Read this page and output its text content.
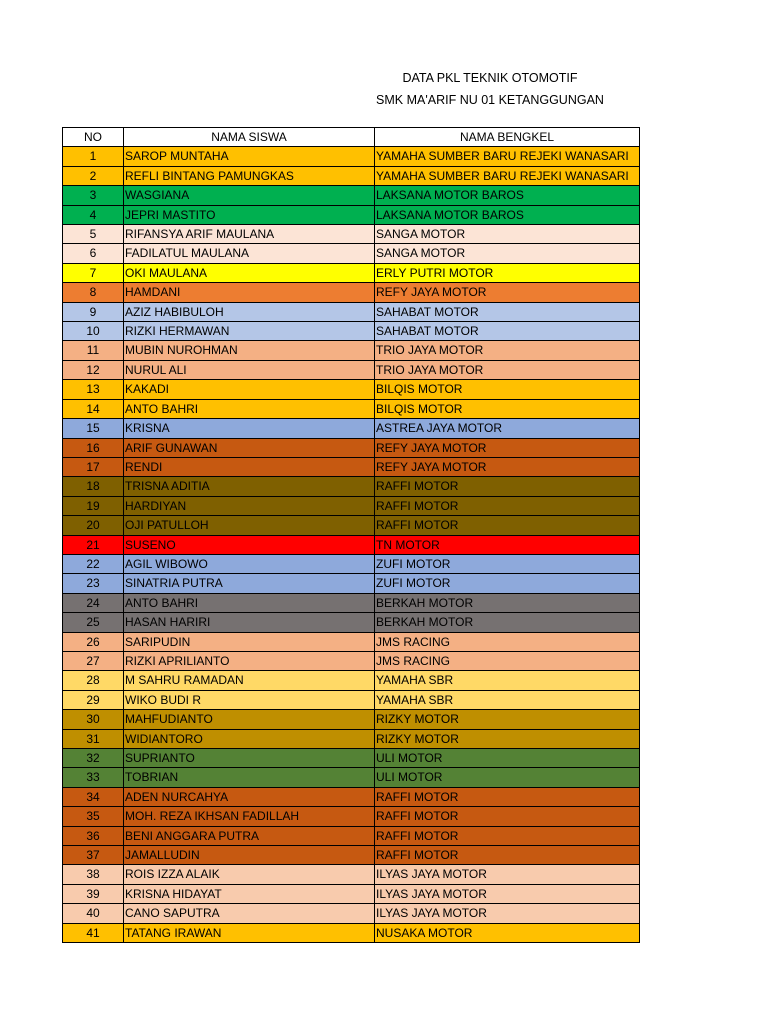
DATA PKL TEKNIK OTOMOTIF
SMK MA'ARIF NU 01 KETANGGUNGAN
NO	NAMA SISWA	NAMA BENGKEL
1	SAROP MUNTAHA	YAMAHA SUMBER BARU REJEKI WANASARI
2	REFLI BINTANG PAMUNGKAS	YAMAHA SUMBER BARU REJEKI WANASARI
3	WASGIANA	LAKSANA MOTOR BAROS
4	JEPRI MASTITO	LAKSANA MOTOR BAROS
5	RIFANSYA ARIF MAULANA	SANGA MOTOR
6	FADILATUL MAULANA	SANGA MOTOR
7	OKI MAULANA	ERLY PUTRI MOTOR
8	HAMDANI	REFY JAYA MOTOR
9	AZIZ HABIBULOH	SAHABAT MOTOR
10	RIZKI HERMAWAN	SAHABAT MOTOR
11	MUBIN NUROHMAN	TRIO JAYA MOTOR
12	NURUL ALI	TRIO JAYA MOTOR
13	KAKADI	BILQIS MOTOR
14	ANTO BAHRI	BILQIS MOTOR
15	KRISNA	ASTREA JAYA MOTOR
16	ARIF GUNAWAN	REFY JAYA MOTOR
17	RENDI	REFY JAYA MOTOR
18	TRISNA ADITIA	RAFFI MOTOR
19	HARDIYAN	RAFFI MOTOR
20	OJI PATULLOH	RAFFI MOTOR
21	SUSENO	TN MOTOR
22	AGIL WIBOWO	ZUFI MOTOR
23	SINATRIA PUTRA	ZUFI MOTOR
24	ANTO BAHRI	BERKAH MOTOR
25	HASAN HARIRI	BERKAH MOTOR
26	SARIPUDIN	JMS RACING
27	RIZKI APRILIANTO	JMS RACING
28	M SAHRU RAMADAN	YAMAHA SBR
29	WIKO BUDI R	YAMAHA SBR
30	MAHFUDIANTO	RIZKY MOTOR
31	WIDIANTORO	RIZKY MOTOR
32	SUPRIANTO	ULI MOTOR
33	TOBRIAN	ULI MOTOR
34	ADEN NURCAHYA	RAFFI MOTOR
35	MOH. REZA IKHSAN FADILLAH	RAFFI MOTOR
36	BENI ANGGARA PUTRA	RAFFI MOTOR
37	JAMALLUDIN	RAFFI MOTOR
38	ROIS IZZA ALAIK	ILYAS JAYA MOTOR
39	KRISNA HIDAYAT	ILYAS JAYA MOTOR
40	CANO SAPUTRA	ILYAS JAYA MOTOR
41	TATANG IRAWAN	NUSAKA MOTOR
